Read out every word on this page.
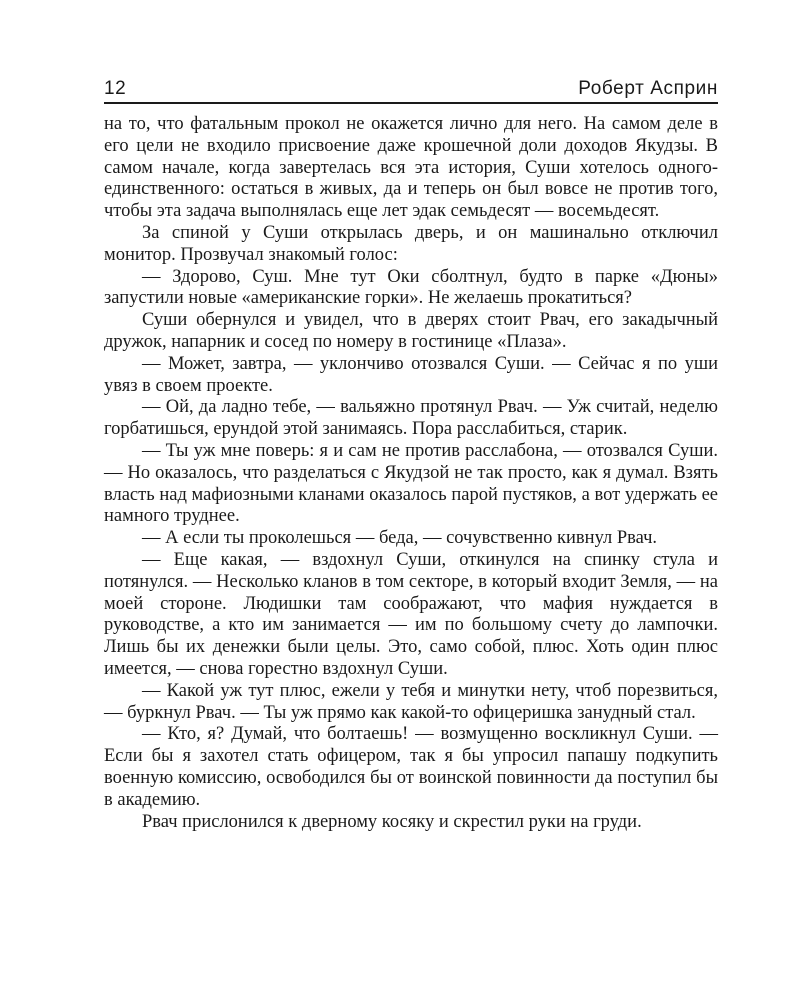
12	Роберт Асприн

на то, что фатальным прокол не окажется лично для него. На самом деле в его цели не входило присвоение даже крошечной доли доходов Якудзы. В самом начале, когда завертелась вся эта история, Суши хотелось одного-единственного: остаться в живых, да и теперь он был вовсе не против того, чтобы эта задача выполнялась еще лет эдак семьдесят — восемьдесят.

За спиной у Суши открылась дверь, и он машинально отключил монитор. Прозвучал знакомый голос:

— Здорово, Суш. Мне тут Оки сболтнул, будто в парке «Дюны» запустили новые «американские горки». Не желаешь прокатиться?

Суши обернулся и увидел, что в дверях стоит Рвач, его закадычный дружок, напарник и сосед по номеру в гостинице «Плаза».

— Может, завтра, — уклончиво отозвался Суши. — Сейчас я по уши увяз в своем проекте.

— Ой, да ладно тебе, — вальяжно протянул Рвач. — Уж считай, неделю горбатишься, ерундой этой занимаясь. Пора расслабиться, старик.

— Ты уж мне поверь: я и сам не против расслабона, — отозвался Суши. — Но оказалось, что разделаться с Якудзой не так просто, как я думал. Взять власть над мафиозными кланами оказалось парой пустяков, а вот удержать ее намного труднее.

— А если ты проколешься — беда, — сочувственно кивнул Рвач.

— Еще какая, — вздохнул Суши, откинулся на спинку стула и потянулся. — Несколько кланов в том секторе, в который входит Земля, — на моей стороне. Людишки там соображают, что мафия нуждается в руководстве, а кто им занимается — им по большому счету до лампочки. Лишь бы их денежки были целы. Это, само собой, плюс. Хоть один плюс имеется, — снова горестно вздохнул Суши.

— Какой уж тут плюс, ежели у тебя и минутки нету, чтоб порезвиться, — буркнул Рвач. — Ты уж прямо как какой-то офицеришка занудный стал.

— Кто, я? Думай, что болтаешь! — возмущенно воскликнул Суши. — Если бы я захотел стать офицером, так я бы упросил папашу подкупить военную комиссию, освободился бы от воинской повинности да поступил бы в академию.

Рвач прислонился к дверному косяку и скрестил руки на груди.
